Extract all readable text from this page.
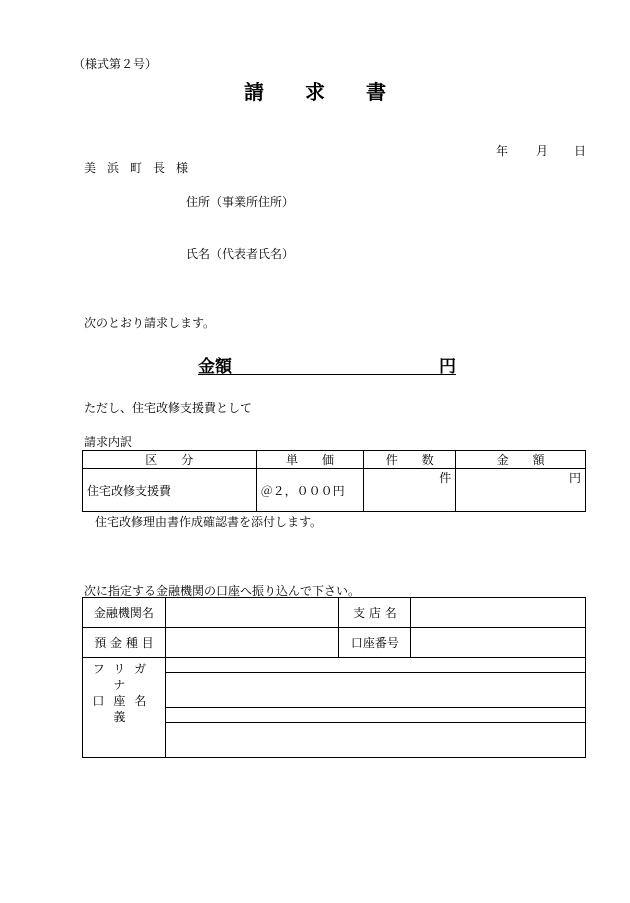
（様式第２号）
請 求 書
年 月 日
美浜町長様
住所（事業所住所）
氏名（代表者氏名）
次のとおり請求します。
金額	円
ただし、住宅改修支援費として
請求内訳
区　　分	単　　価	件　　数	金　　額
住宅改修支援費	＠２，０００円	件	円
住宅改修理由書作成確認書を添付します。
次に指定する金融機関の口座へ振り込んで下さい。
金融機関名		支 店 名	
預 金 種 目		口座番号	

フリガナ
口座名義			
